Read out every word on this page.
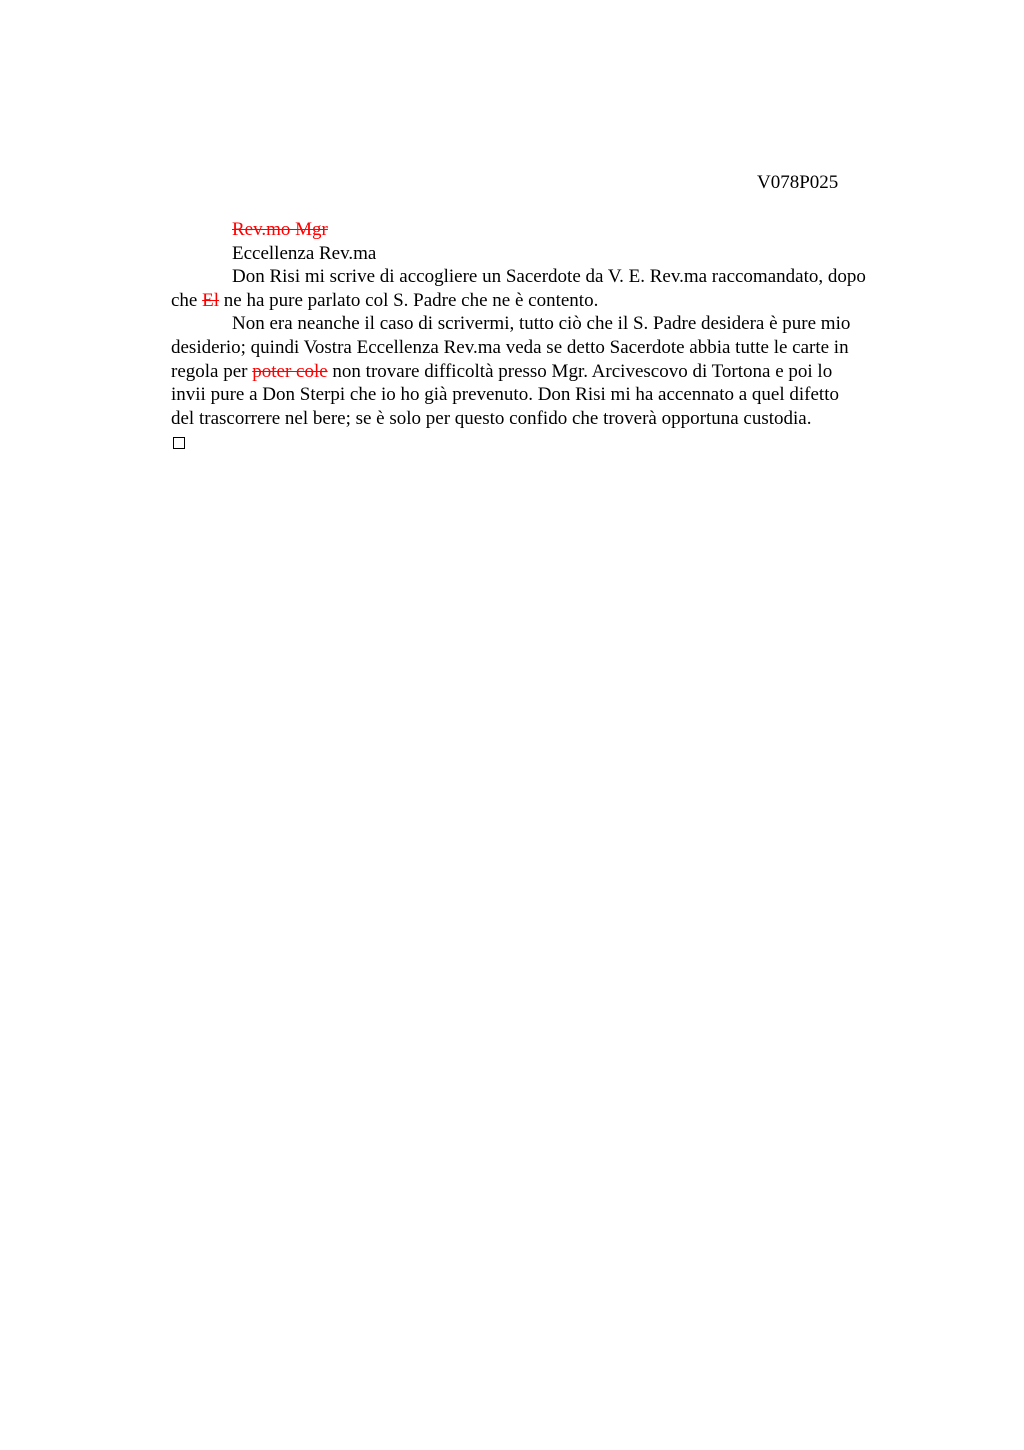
V078P025
Rev.mo Mgr
Eccellenza Rev.ma
Don Risi mi scrive di accogliere un Sacerdote da V. E. Rev.ma raccomandato, dopo
che El ne ha pure parlato col S. Padre che ne è contento.
Non era neanche il caso di scrivermi, tutto ciò che il S. Padre desidera è pure mio
desiderio; quindi Vostra Eccellenza Rev.ma veda se detto Sacerdote abbia tutte le carte in
regola per poter cole non trovare difficoltà presso Mgr. Arcivescovo di Tortona e poi lo
invii pure a Don Sterpi che io ho già prevenuto. Don Risi mi ha accennato a quel difetto
del trascorrere nel bere; se è solo per questo confido che troverà opportuna custodia.
